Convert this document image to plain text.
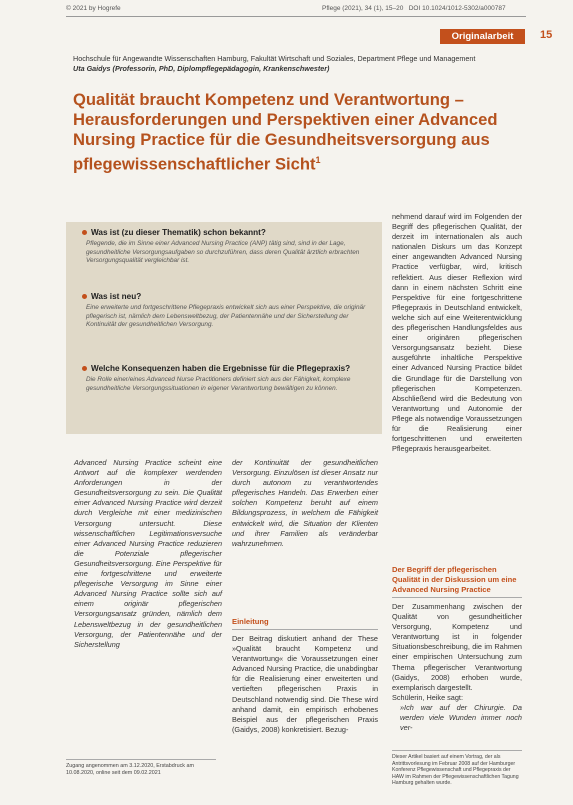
© 2021 by Hogrefe	Pflege (2021), 34 (1), 15–20 DOI 10.1024/1012-5302/a000787
Originalarbeit	15
Hochschule für Angewandte Wissenschaften Hamburg, Fakultät Wirtschaft und Soziales, Department Pflege und Management
Uta Gaidys (Professorin, PhD, Diplompflegepädagogin, Krankenschwester)
Qualität braucht Kompetenz und Verantwortung – Herausforderungen und Perspektiven einer Advanced Nursing Practice für die Gesundheitsversorgung aus pflegewissenschaftlicher Sicht$^1$
Was ist (zu dieser Thematik) schon bekannt?
Pflegende, die im Sinne einer Advanced Nursing Practice (ANP) tätig sind, sind in der Lage, gesundheitliche Versorgungsaufgaben so durchzuführen, dass deren Qualität ärztlich erbrachten Versorgungsqualität vergleichbar ist.
Was ist neu?
Eine erweiterte und fortgeschrittene Pflegepraxis entwickelt sich aus einer Perspektive, die originär pflegerisch ist, nämlich dem Lebensweltbezug, der Patientennähe und der Sicherstellung der Kontinuität der gesundheitlichen Versorgung.
Welche Konsequenzen haben die Ergebnisse für die Pflegepraxis?
Die Rolle einer/eines Advanced Nurse Practitioners definiert sich aus der Fähigkeit, komplexe gesundheitliche Versorgungssituationen in eigener Verantwortung bewältigen zu können.
Advanced Nursing Practice scheint eine Antwort auf die komplexer werdenden Anforderungen in der Gesundheitsversorgung zu sein. Die Qualität einer Advanced Nursing Practice wird derzeit durch Vergleiche mit einer medizinischen Versorgung untersucht. Diese wissenschaftlichen Legitimationsversuche einer Advanced Nursing Practice reduzieren die Potenziale pflegerischer Gesundheitsversorgung. Eine Perspektive für eine fortgeschrittene und erweiterte pflegerische Versorgung im Sinne einer Advanced Nursing Practice sollte sich auf einem originär pflegerischen Versorgungsansatz gründen, nämlich dem Lebensweltbezug in der gesundheitlichen Versorgung, der Patientennähe und der Sicherstellung
der Kontinuität der gesundheitlichen Versorgung. Einzulösen ist dieser Ansatz nur durch autonom zu verantwortendes pflegerisches Handeln. Das Erwerben einer solchen Kompetenz beruht auf einem Bildungsprozess, in welchem die Fähigkeit entwickelt wird, die Situation der Klienten und ihrer Familien als veränderbar wahrzunehmen.
Einleitung
Der Beitrag diskutiert anhand der These »Qualität braucht Kompetenz und Verantwortung« die Voraussetzungen einer Advanced Nursing Practice, die unabdingbar für die Realisierung einer erweiterten und vertieften pflegerischen Praxis in Deutschland notwendig sind. Die These wird anhand damit, ein empirisch erhobenes Beispiel aus der pflegerischen Praxis (Gaidys, 2008) konkretisiert. Bezug-
nehmend darauf wird im Folgenden der Begriff des pflegerischen Qualität, der derzeit im internationalen als auch nationalen Diskurs um das Konzept einer angewandten Advanced Nursing Practice verfügbar, wird, kritisch reflektiert. Aus dieser Reflexion wird dann in einem nächsten Schritt eine Perspektive für eine fortgeschrittene Pflegepraxis in Deutschland entwickelt, welche sich auf eine Weiterentwicklung des pflegerischen Handlungsfeldes aus einer originären pflegerischen Versorgungsansatz bezieht. Diese ausgeführte inhaltliche Perspektive einer Advanced Nursing Practice bildet die Grundlage für die Darstellung von pflegerischen Kompetenzen. Abschließend wird die Bedeutung von Verantwortung und Autonomie der Pflege als notwendige Voraussetzungen für die Realisierung einer fortgeschrittenen und erweiterten Pflegepraxis herausgearbeitet.
Der Begriff der pflegerischen Qualität in der Diskussion um eine Advanced Nursing Practice
Der Zusammenhang zwischen der Qualität von gesundheitlicher Versorgung, Kompetenz und Verantwortung ist in folgender Situationsbeschreibung, die im Rahmen einer empirischen Untersuchung zum Thema pflegerischer Verantwortung (Gaidys, 2008) erhoben wurde, exemplarisch dargestellt.
Schülerin, Heike sagt:
»Ich war auf der Chirurgie. Da werden viele Wunden immer noch ver-
Zugang angenommen am 3.12.2020, Erstabdruck am 10.08.2020, online seit dem 09.02.2021
Dieser Artikel basiert auf einem Vortrag, der als Antrittsvorlesung im Februar 2008 auf der Hamburger Konferenz Pflegewissenschaft und Pflegepraxis der HAW im Rahmen der Pflegewissenschaftlichen Tagung Hamburg gehalten wurde.
